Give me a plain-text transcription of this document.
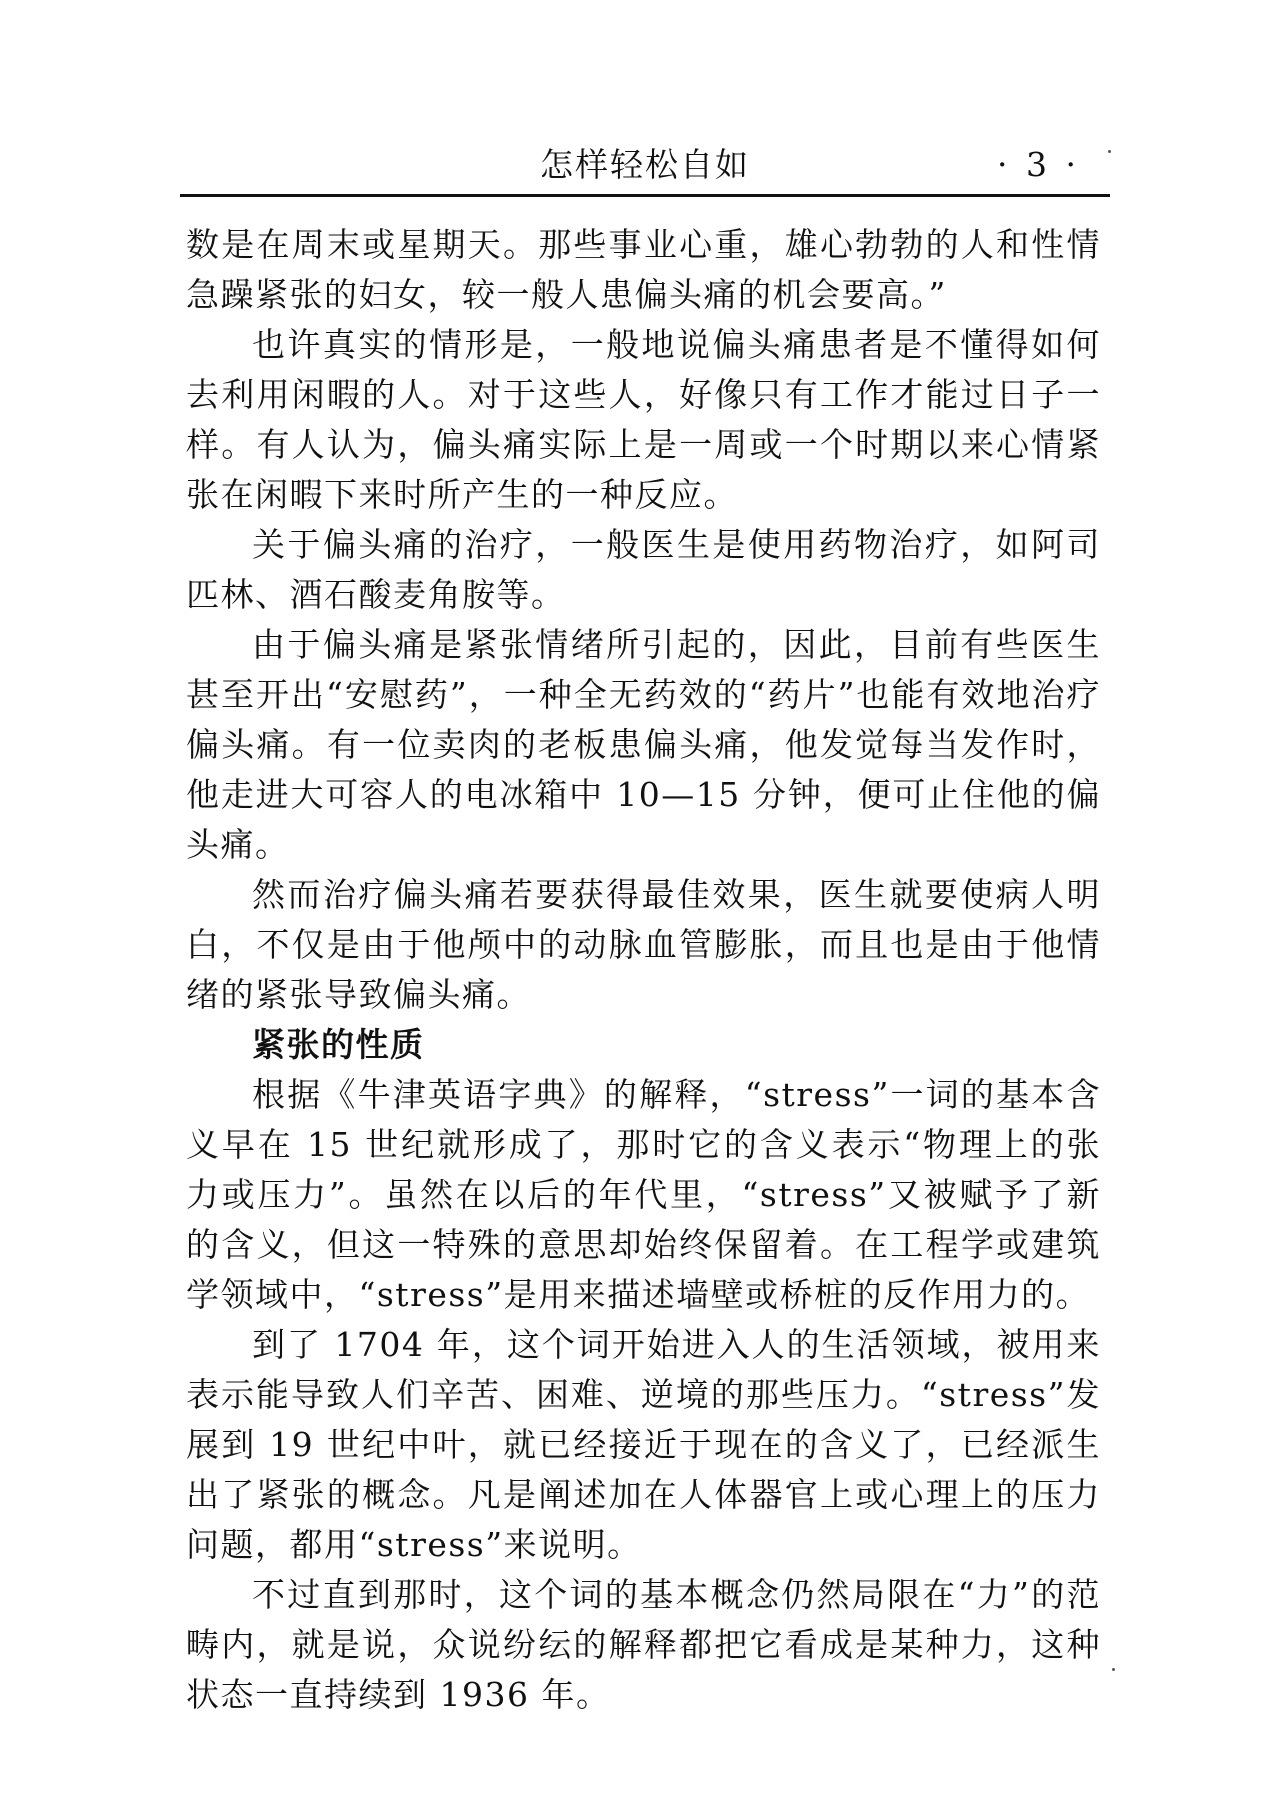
怎样轻松自如	· 3 ·

数是在周末或星期天。那些事业心重，雄心勃勃的人和性情急躁紧张的妇女，较一般人患偏头痛的机会要高。”

也许真实的情形是，一般地说偏头痛患者是不懂得如何去利用闲暇的人。对于这些人，好像只有工作才能过日子一样。有人认为，偏头痛实际上是一周或一个时期以来心情紧张在闲暇下来时所产生的一种反应。

关于偏头痛的治疗，一般医生是使用药物治疗，如阿司匹林、酒石酸麦角胺等。

由于偏头痛是紧张情绪所引起的，因此，目前有些医生甚至开出“安慰药”，一种全无药效的“药片”也能有效地治疗偏头痛。有一位卖肉的老板患偏头痛，他发觉每当发作时，他走进大可容人的电冰箱中 10—15 分钟，便可止住他的偏头痛。

然而治疗偏头痛若要获得最佳效果，医生就要使病人明白，不仅是由于他颅中的动脉血管膨胀，而且也是由于他情绪的紧张导致偏头痛。

紧张的性质

根据《牛津英语字典》的解释，“stress”一词的基本含义早在 15 世纪就形成了，那时它的含义表示“物理上的张力或压力”。虽然在以后的年代里，“stress”又被赋予了新的含义，但这一特殊的意思却始终保留着。在工程学或建筑学领域中，“stress”是用来描述墙壁或桥桩的反作用力的。

到了 1704 年，这个词开始进入人的生活领域，被用来表示能导致人们辛苦、困难、逆境的那些压力。“stress”发展到 19 世纪中叶，就已经接近于现在的含义了，已经派生出了紧张的概念。凡是阐述加在人体器官上或心理上的压力问题，都用“stress”来说明。

不过直到那时，这个词的基本概念仍然局限在“力”的范畴内，就是说，众说纷纭的解释都把它看成是某种力，这种状态一直持续到 1936 年。
